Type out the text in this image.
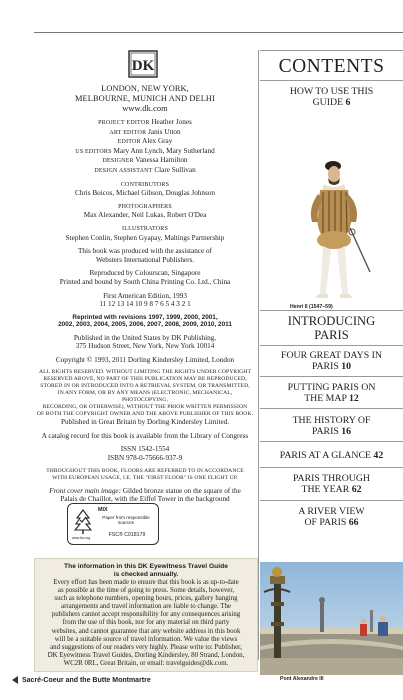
DK
LONDON, NEW YORK,
MELBOURNE, MUNICH AND DELHI
www.dk.com
PROJECT EDITOR Heather Jones
ART EDITOR Janis Utton
EDITOR Alex Gray
US EDITORS Mary Ann Lynch, Mary Sutherland
DESIGNER Vanessa Hamilton
DESIGN ASSISTANT Clare Sullivan
CONTRIBUTORS
Chris Boicos, Michael Gibson, Douglas Johnson
PHOTOGRAPHERS
Max Alexander, Neil Lukas, Robert O'Dea
ILLUSTRATORS
Stephen Conlin, Stephen Gyapay, Maltings Partnership
This book was produced with the assistance of
Websters International Publishers.
Reproduced by Colourscan, Singapore
Printed and bound by South China Printing Co. Ltd., China
First American Edition, 1993
11 12 13 14 10 9 8 7 6 5 4 3 2 1
Reprinted with revisions 1997, 1999, 2000, 2001,
2002, 2003, 2004, 2005, 2006, 2007, 2008, 2009, 2010, 2011
Published in the United States by DK Publishing,
375 Hudson Street, New York, New York 10014
Copyright © 1993, 2011 Dorling Kindersley Limited, London
ALL RIGHTS RESERVED. WITHOUT LIMITING THE RIGHTS UNDER COPYRIGHT
RESERVED ABOVE, NO PART OF THIS PUBLICATION MAY BE REPRODUCED,
STORED IN OR INTRODUCED INTO A RETRIEVAL SYSTEM, OR TRANSMITTED,
IN ANY FORM, OR BY ANY MEANS (ELECTRONIC, MECHANICAL, PHOTOCOPYING,
RECORDING, OR OTHERWISE), WITHOUT THE PRIOR WRITTEN PERMISSION
OF BOTH THE COPYRIGHT OWNER AND THE ABOVE PUBLISHER OF THIS BOOK.
Published in Great Britain by Dorling Kindersley Limited.
A catalog record for this book is available from the Library of Congress
ISSN 1542-1554
ISBN 978-0-75666-937-9
THROUGHOUT THIS BOOK, FLOORS ARE REFERRED TO IN ACCORDANCE
WITH EUROPEAN USAGE, I.E. THE "FIRST FLOOR" IS ONE FLIGHT UP.
Front cover main image: Gilded bronze statue on the square of the
Palais de Chaillot, with the Eiffel Tower in the background
www.fsc.org
MIX
Paper from responsible sources
FSC® C018179
The information in this DK Eyewitness Travel Guide
is checked annually.
Every effort has been made to ensure that this book is as up-to-date
as possible at the time of going to press. Some details, however,
such as telephone numbers, opening hours, prices, gallery hanging
arrangements and travel information are liable to change. The
publishers cannot accept responsibility for any consequences arising
from the use of this book, nor for any material on third party
websites, and cannot guarantee that any website address in this book
will be a suitable source of travel information. We value the views
and suggestions of our readers very highly. Please write to: Publisher,
DK Eyewitness Travel Guides, Dorling Kindersley, 80 Strand, London,
WC2R 0RL, Great Britain, or email: travelguides@dk.com.
Sacré-Coeur and the Butte Montmartre
CONTENTS
HOW TO USE THIS
GUIDE 6
Henri II (1547–59)
INTRODUCING
PARIS
FOUR GREAT DAYS IN
PARIS 10
PUTTING PARIS ON
THE MAP 12
THE HISTORY OF
PARIS 16
PARIS AT A GLANCE 42
PARIS THROUGH
THE YEAR 62
A RIVER VIEW
OF PARIS 66
Pont Alexandre III
